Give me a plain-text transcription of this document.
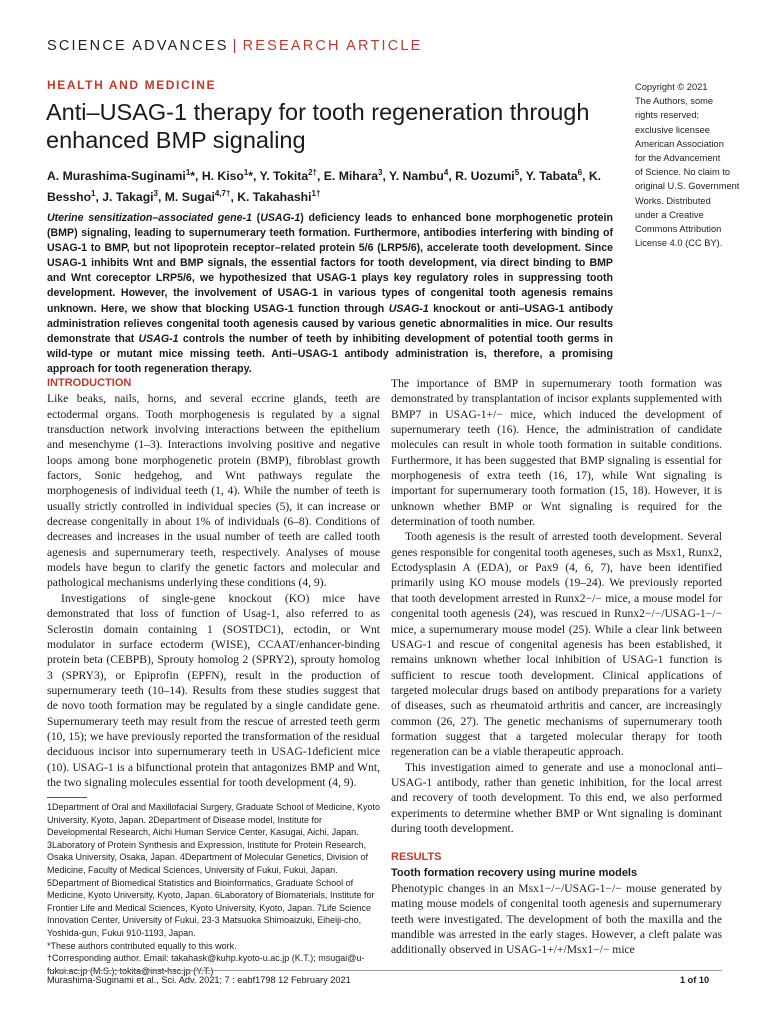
SCIENCE ADVANCES | RESEARCH ARTICLE
HEALTH AND MEDICINE
Anti–USAG-1 therapy for tooth regeneration through enhanced BMP signaling
A. Murashima-Suginami$^1$*, H. Kiso$^1$*, Y. Tokita$^{2\dagger}$, E. Mihara$^3$, Y. Nambu$^4$, R. Uozumi$^5$, Y. Tabata$^6$, K. Bessho$^1$, J. Takagi$^3$, M. Sugai$^{4,7\dagger}$, K. Takahashi$^{1\dagger}$
Copyright © 2021
The Authors, some
rights reserved;
exclusive licensee
American Association
for the Advancement
of Science. No claim to
original U.S. Government
Works. Distributed
under a Creative
Commons Attribution
License 4.0 (CC BY).
Uterine sensitization–associated gene-1 (USAG-1) deficiency leads to enhanced bone morphogenetic protein (BMP) signaling, leading to supernumerary teeth formation. Furthermore, antibodies interfering with binding of USAG-1 to BMP, but not lipoprotein receptor–related protein 5/6 (LRP5/6), accelerate tooth development. Since USAG-1 inhibits Wnt and BMP signals, the essential factors for tooth development, via direct binding to BMP and Wnt coreceptor LRP5/6, we hypothesized that USAG-1 plays key regulatory roles in suppressing tooth development. However, the involvement of USAG-1 in various types of congenital tooth agenesis remains unknown. Here, we show that blocking USAG-1 function through USAG-1 knockout or anti–USAG-1 antibody administration relieves congenital tooth agenesis caused by various genetic abnormalities in mice. Our results demonstrate that USAG-1 controls the number of teeth by inhibiting development of potential tooth germs in wild-type or mutant mice missing teeth. Anti–USAG-1 antibody administration is, therefore, a promising approach for tooth regeneration therapy.
INTRODUCTION

Like beaks, nails, horns, and several eccrine glands, teeth are ectodermal organs. Tooth morphogenesis is regulated by a signal transduction network involving interactions between the epithelium and mesenchyme (1–3). Interactions involving positive and negative loops among bone morphogenetic protein (BMP), fibroblast growth factors, Sonic hedgehog, and Wnt pathways regulate the morphogenesis of individual teeth (1, 4). While the number of teeth is usually strictly controlled in individual species (5), it can increase or decrease congenitally in about 1% of individuals (6–8). Conditions of decreases and increases in the usual number of teeth are called tooth agenesis and supernumerary teeth, respectively. Analyses of mouse models have begun to clarify the genetic factors and molecular and pathological mechanisms underlying these conditions (4, 9).

Investigations of single-gene knockout (KO) mice have demonstrated that loss of function of Usag-1, also referred to as Sclerostin domain containing 1 (SOSTDC1), ectodin, or Wnt modulator in surface ectoderm (WISE), CCAAT/enhancer-binding protein beta (CEBPB), Sprouty homolog 2 (SPRY2), sprouty homolog 3 (SPRY3), or Epiprofin (EPFN), result in the production of supernumerary teeth (10–14). Results from these studies suggest that de novo tooth formation may be regulated by a single candidate gene. Supernumerary teeth may result from the rescue of arrested teeth germ (10, 15); we have previously reported the transformation of the residual deciduous incisor into supernumerary teeth in USAG-1deficient mice (10). USAG-1 is a bifunctional protein that antagonizes BMP and Wnt, the two signaling molecules essential for tooth development (4, 9).

1Department of Oral and Maxillofacial Surgery, Graduate School of Medicine, Kyoto University, Kyoto, Japan. 2Department of Disease model, Institute for Developmental Research, Aichi Human Service Center, Kasugai, Aichi, Japan. 3Laboratory of Protein Synthesis and Expression, Institute for Protein Research, Osaka University, Osaka, Japan. 4Department of Molecular Genetics, Division of Medicine, Faculty of Medical Sciences, University of Fukui, Fukui, Japan. 5Department of Biomedical Statistics and Bioinformatics, Graduate School of Medicine, Kyoto University, Kyoto, Japan. 6Laboratory of Biomaterials, Institute for Frontier Life and Medical Sciences, Kyoto University, Kyoto, Japan. 7Life Science Innovation Center, University of Fukui, 23-3 Matsuoka Shimoaizuki, Eiheiji-cho, Yoshida-gun, Fukui 910-1193, Japan.

*These authors contributed equally to this work.

†Corresponding author. Email: takahask@kuhp.kyoto-u.ac.jp (K.T.); msugai@u-fukui.ac.jp (M.S.); tokita@inst-hsc.jp (Y.T.)

The importance of BMP in supernumerary tooth formation was demonstrated by transplantation of incisor explants supplemented with BMP7 in USAG-1+/− mice, which induced the development of supernumerary teeth (16). Hence, the administration of candidate molecules can result in whole tooth formation in suitable conditions. Furthermore, it has been suggested that BMP signaling is essential for morphogenesis of extra teeth (16, 17), while Wnt signaling is important for supernumerary tooth formation (15, 18). However, it is unknown whether BMP or Wnt signaling is required for the determination of tooth number.

Tooth agenesis is the result of arrested tooth development. Several genes responsible for congenital tooth ageneses, such as Msx1, Runx2, Ectodysplasin A (EDA), or Pax9 (4, 6, 7), have been identified primarily using KO mouse models (19–24). We previously reported that tooth development arrested in Runx2−/− mice, a mouse model for congenital tooth agenesis (24), was rescued in Runx2−/−/USAG-1−/− mice, a supernumerary mouse model (25). While a clear link between USAG-1 and rescue of congenital agenesis has been established, it remains unknown whether local inhibition of USAG-1 function is sufficient to rescue tooth development. Clinical applications of targeted molecular drugs based on antibody preparations for a variety of diseases, such as rheumatoid arthritis and cancer, are increasingly common (26, 27). The genetic mechanisms of supernumerary tooth formation suggest that a targeted molecular therapy for tooth regeneration can be a viable therapeutic approach.

This investigation aimed to generate and use a monoclonal anti–USAG-1 antibody, rather than genetic inhibition, for the local arrest and recovery of tooth development. To this end, we also performed experiments to determine whether BMP or Wnt signaling is dominant during tooth development.

RESULTS
Tooth formation recovery using murine models

Phenotypic changes in an Msx1−/−/USAG-1−/− mouse generated by mating mouse models of congenital tooth agenesis and supernumerary teeth were investigated. The development of both the maxilla and the mandible was arrested in the early stages. However, a cleft palate was additionally observed in USAG-1+/+/Msx1−/− mice

Murashima-Suginami et al., Sci. Adv. 2021; 7 : eabf1798 12 February 2021	1 of 10
